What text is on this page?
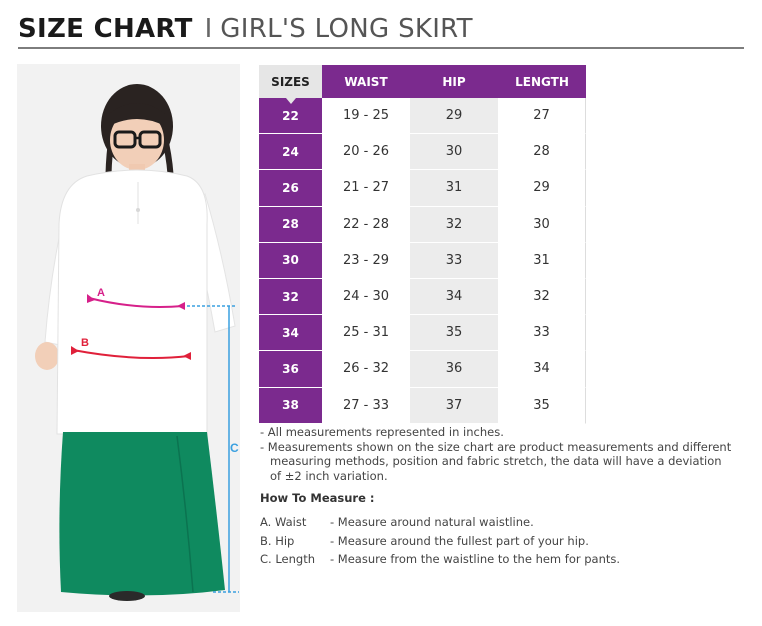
SIZE CHART I GIRL'S LONG SKIRT
A
B
C
SIZES	WAIST	HIP	LENGTH
22	19 - 25	29	27
24	20 - 26	30	28
26	21 - 27	31	29
28	22 - 28	32	30
30	23 - 29	33	31
32	24 - 30	34	32
34	25 - 31	35	33
36	26 - 32	36	34
38	27 - 33	37	35
- All measurements represented in inches.
- Measurements shown on the size chart are product measurements and different
measuring methods, position and fabric stretch, the data will have a deviation
of ±2 inch variation.
How To Measure :
A. Waist	- Measure around natural waistline.
B. Hip	- Measure around the fullest part of your hip.
C. Length	- Measure from the waistline to the hem for pants.
